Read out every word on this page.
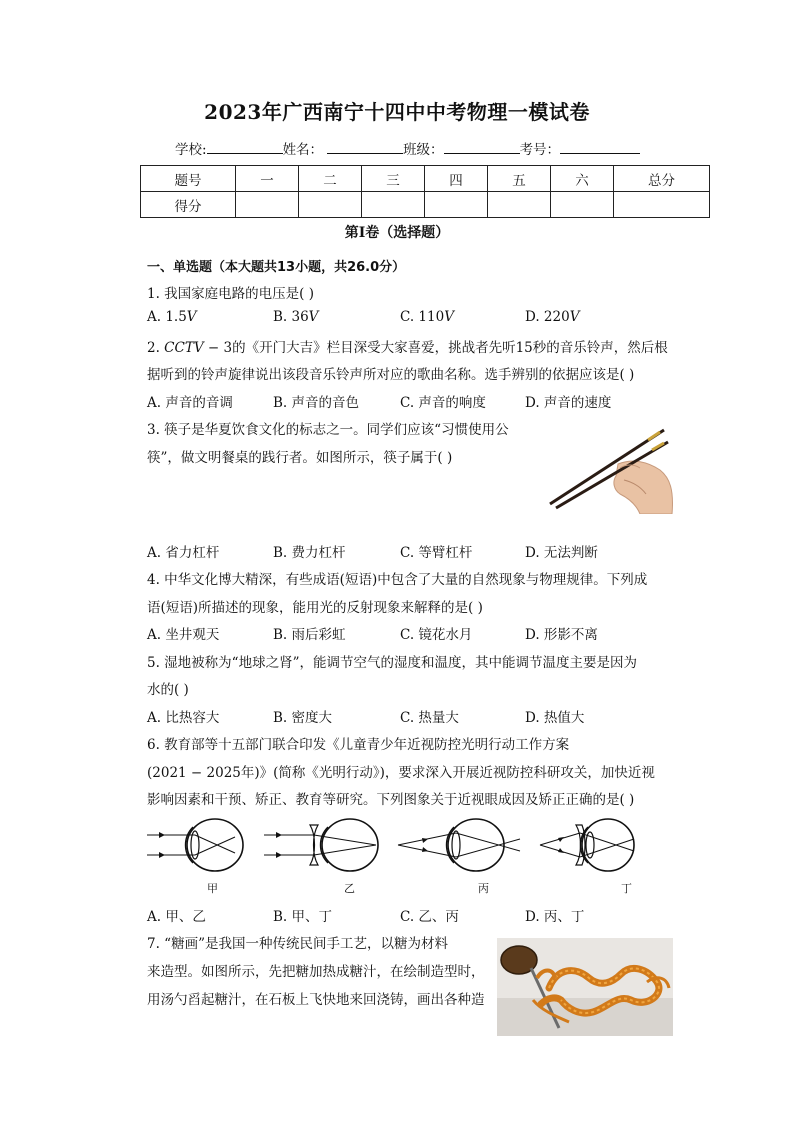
2023年广西南宁十四中中考物理一模试卷
学校:	姓名：	班级：	考号：
题号	一	二	三	四	五	六	总分
得分							
第I卷（选择题）
一、单选题（本大题共13小题，共26.0分）
1. 我国家庭电路的电压是( )
A. 1.5𝑉	B. 36𝑉	C. 110𝑉	D. 220𝑉
2. 𝐶𝐶𝑇𝑉 − 3的《开门大吉》栏目深受大家喜爱，挑战者先听15秒的音乐铃声，然后根
据听到的铃声旋律说出该段音乐铃声所对应的歌曲名称。选手辨别的依据应该是( )
A. 声音的音调	B. 声音的音色	C. 声音的响度	D. 声音的速度
3. 筷子是华夏饮食文化的标志之一。同学们应该“习惯使用公
筷”，做文明餐桌的践行者。如图所示，筷子属于( )
A. 省力杠杆	B. 费力杠杆	C. 等臂杠杆	D. 无法判断
4. 中华文化博大精深，有些成语(短语)中包含了大量的自然现象与物理规律。下列成
语(短语)所描述的现象，能用光的反射现象来解释的是( )
A. 坐井观天	B. 雨后彩虹	C. 镜花水月	D. 形影不离
5. 湿地被称为“地球之肾”，能调节空气的湿度和温度，其中能调节温度主要是因为
水的( )
A. 比热容大	B. 密度大	C. 热量大	D. 热值大
6. 教育部等十五部门联合印发《儿童青少年近视防控光明行动工作方案
(2021 − 2025年)》(简称《光明行动》)，要求深入开展近视防控科研攻关，加快近视
影响因素和干预、矫正、教育等研究。下列图象关于近视眼成因及矫正正确的是( )
甲	乙	丙	丁
A. 甲、乙	B. 甲、丁	C. 乙、丙	D. 丙、丁
7. “糖画”是我国一种传统民间手工艺，以糖为材料
来造型。如图所示，先把糖加热成糖汁，在绘制造型时，
用汤勺舀起糖汁，在石板上飞快地来回浇铸，画出各种造
